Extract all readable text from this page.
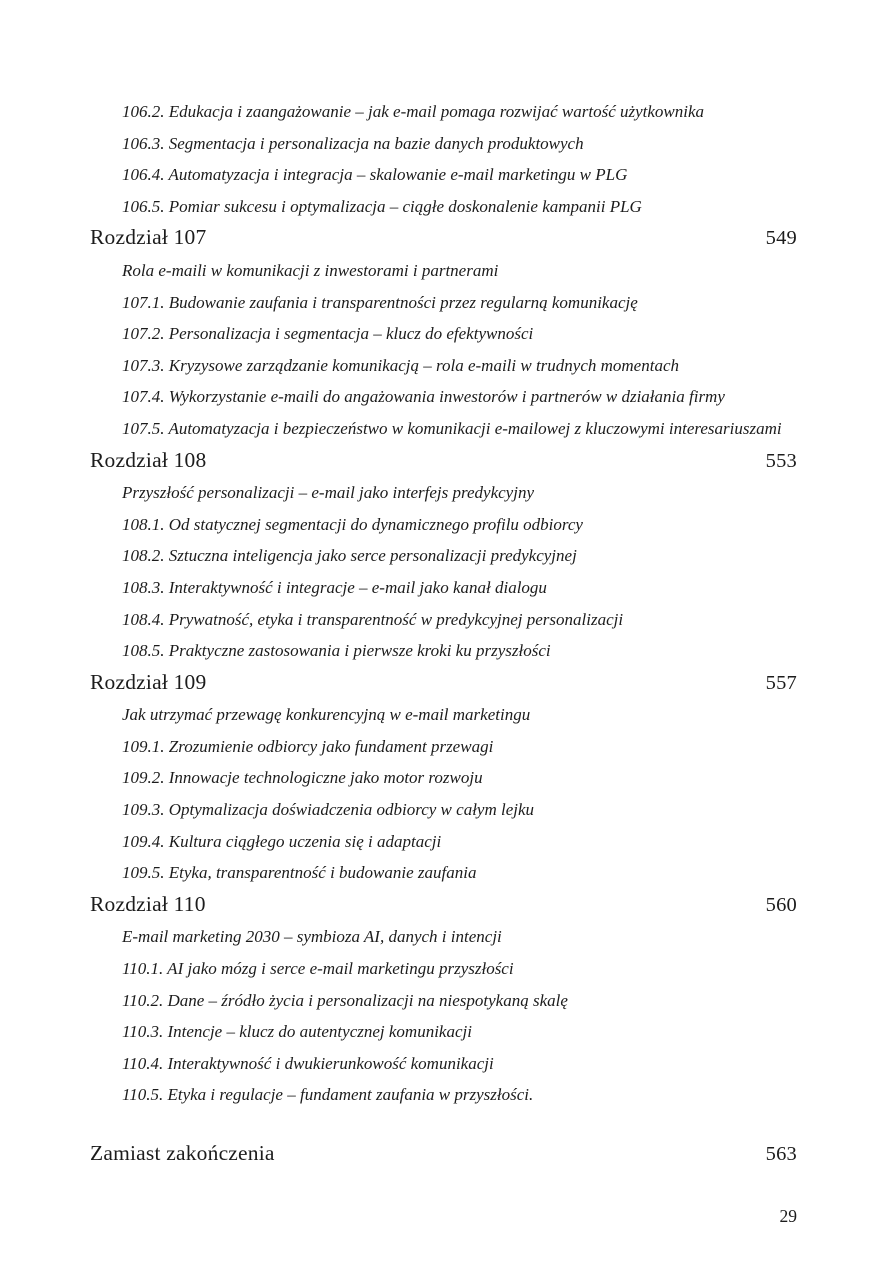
106.2. Edukacja i zaangażowanie – jak e-mail pomaga rozwijać wartość użytkownika
106.3. Segmentacja i personalizacja na bazie danych produktowych
106.4. Automatyzacja i integracja – skalowanie e-mail marketingu w PLG
106.5. Pomiar sukcesu i optymalizacja – ciągłe doskonalenie kampanii PLG
Rozdział 107	549
Rola e-maili w komunikacji z inwestorami i partnerami
107.1. Budowanie zaufania i transparentności przez regularną komunikację
107.2. Personalizacja i segmentacja – klucz do efektywności
107.3. Kryzysowe zarządzanie komunikacją – rola e-maili w trudnych momentach
107.4. Wykorzystanie e-maili do angażowania inwestorów i partnerów w działania firmy
107.5. Automatyzacja i bezpieczeństwo w komunikacji e-mailowej z kluczowymi interesariuszami
Rozdział 108	553
Przyszłość personalizacji – e-mail jako interfejs predykcyjny
108.1. Od statycznej segmentacji do dynamicznego profilu odbiorcy
108.2. Sztuczna inteligencja jako serce personalizacji predykcyjnej
108.3. Interaktywność i integracje – e-mail jako kanał dialogu
108.4. Prywatność, etyka i transparentność w predykcyjnej personalizacji
108.5. Praktyczne zastosowania i pierwsze kroki ku przyszłości
Rozdział 109	557
Jak utrzymać przewagę konkurencyjną w e-mail marketingu
109.1. Zrozumienie odbiorcy jako fundament przewagi
109.2. Innowacje technologiczne jako motor rozwoju
109.3. Optymalizacja doświadczenia odbiorcy w całym lejku
109.4. Kultura ciągłego uczenia się i adaptacji
109.5. Etyka, transparentność i budowanie zaufania
Rozdział 110	560
E-mail marketing 2030 – symbioza AI, danych i intencji
110.1. AI jako mózg i serce e-mail marketingu przyszłości
110.2. Dane – źródło życia i personalizacji na niespotykaną skalę
110.3. Intencje – klucz do autentycznej komunikacji
110.4. Interaktywność i dwukierunkowość komunikacji
110.5. Etyka i regulacje – fundament zaufania w przyszłości.
Zamiast zakończenia	563
29
